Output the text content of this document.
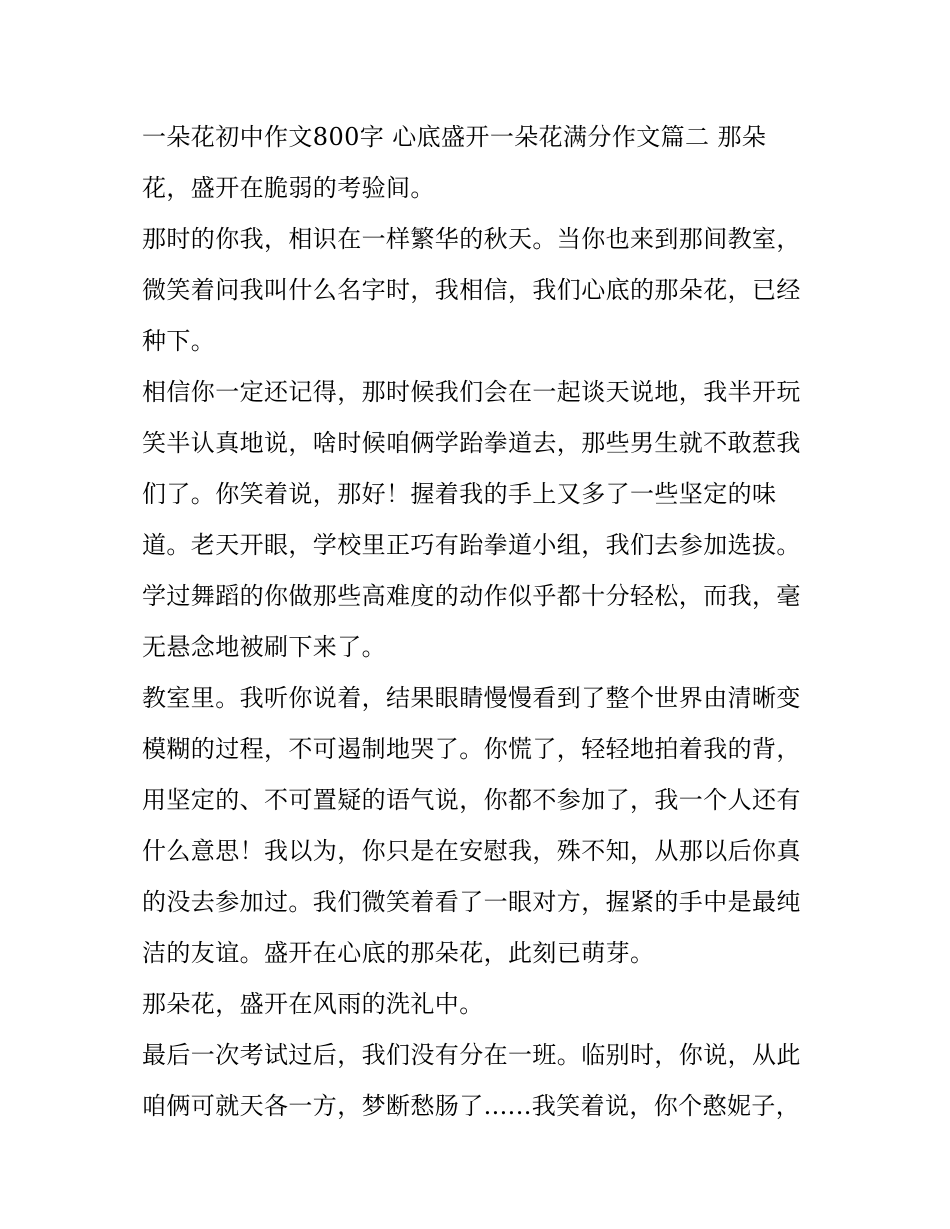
一朵花初中作文800字 心底盛开一朵花满分作文篇二 那朵
花，盛开在脆弱的考验间。
那时的你我，相识在一样繁华的秋天。当你也来到那间教室，
微笑着问我叫什么名字时，我相信，我们心底的那朵花，已经
种下。
相信你一定还记得，那时候我们会在一起谈天说地，我半开玩
笑半认真地说，啥时候咱俩学跆拳道去，那些男生就不敢惹我
们了。你笑着说，那好！握着我的手上又多了一些坚定的味
道。老天开眼，学校里正巧有跆拳道小组，我们去参加选拔。
学过舞蹈的你做那些高难度的动作似乎都十分轻松，而我，毫
无悬念地被刷下来了。
教室里。我听你说着，结果眼睛慢慢看到了整个世界由清晰变
模糊的过程，不可遏制地哭了。你慌了，轻轻地拍着我的背，
用坚定的、不可置疑的语气说，你都不参加了，我一个人还有
什么意思！我以为，你只是在安慰我，殊不知，从那以后你真
的没去参加过。我们微笑着看了一眼对方，握紧的手中是最纯
洁的友谊。盛开在心底的那朵花，此刻已萌芽。
那朵花，盛开在风雨的洗礼中。
最后一次考试过后，我们没有分在一班。临别时，你说，从此
咱俩可就天各一方，梦断愁肠了......我笑着说，你个憨妮子，
